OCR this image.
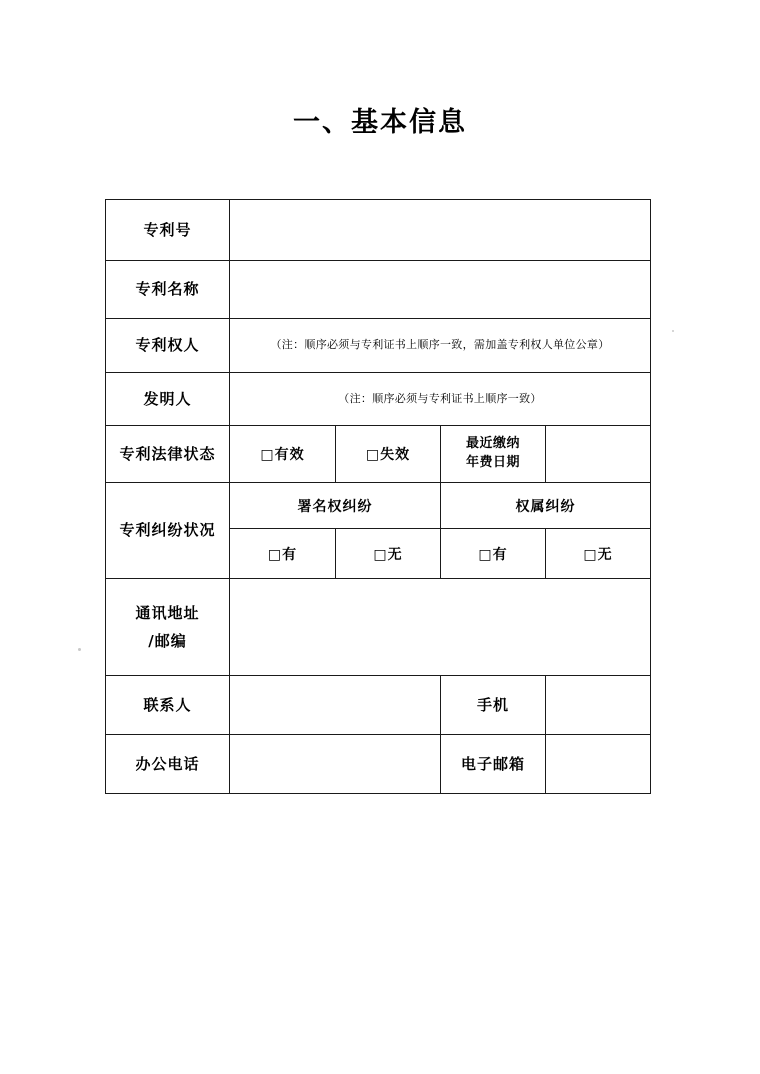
一、基本信息
专利号				
专利名称				
专利权人	（注：顺序必须与专利证书上顺序一致，需加盖专利权人单位公章）			
发明人	（注：顺序必须与专利证书上顺序一致）			
专利法律状态	□有效	□失效	最近缴纳
年费日期	
专利纠纷状况	署名权纠纷		权属纠纷	
	□有	□无	□有	□无
通讯地址
/邮编				
联系人			手机	
办公电话			电子邮箱	
